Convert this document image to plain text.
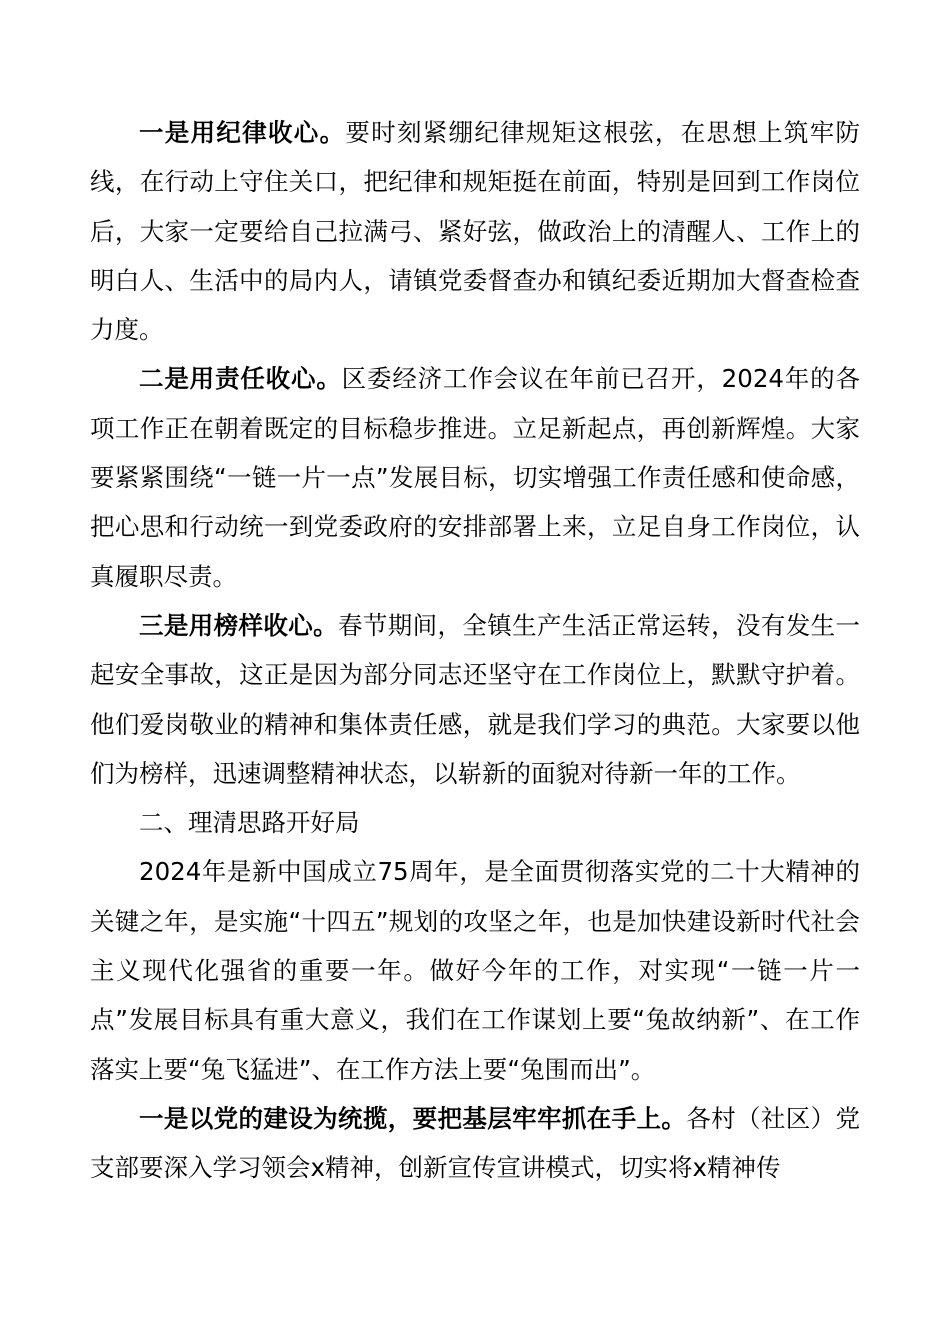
一是用纪律收心。要时刻紧绷纪律规矩这根弦，在思想上筑牢防线，在行动上守住关口，把纪律和规矩挺在前面，特别是回到工作岗位后，大家一定要给自己拉满弓、紧好弦，做政治上的清醒人、工作上的明白人、生活中的局内人，请镇党委督查办和镇纪委近期加大督查检查力度。

二是用责任收心。区委经济工作会议在年前已召开，2024年的各项工作正在朝着既定的目标稳步推进。立足新起点，再创新辉煌。大家要紧紧围绕“一链一片一点”发展目标，切实增强工作责任感和使命感，把心思和行动统一到党委政府的安排部署上来，立足自身工作岗位，认真履职尽责。

三是用榜样收心。春节期间，全镇生产生活正常运转，没有发生一起安全事故，这正是因为部分同志还坚守在工作岗位上，默默守护着。他们爱岗敬业的精神和集体责任感，就是我们学习的典范。大家要以他们为榜样，迅速调整精神状态，以崭新的面貌对待新一年的工作。

二、理清思路开好局

2024年是新中国成立75周年，是全面贯彻落实党的二十大精神的关键之年，是实施“十四五”规划的攻坚之年，也是加快建设新时代社会主义现代化强省的重要一年。做好今年的工作，对实现“一链一片一点”发展目标具有重大意义，我们在工作谋划上要“兔故纳新”、在工作落实上要“兔飞猛进”、在工作方法上要“兔围而出”。

一是以党的建设为统揽，要把基层牢牢抓在手上。各村（社区）党支部要深入学习领会x精神，创新宣传宣讲模式，切实将x精神传
